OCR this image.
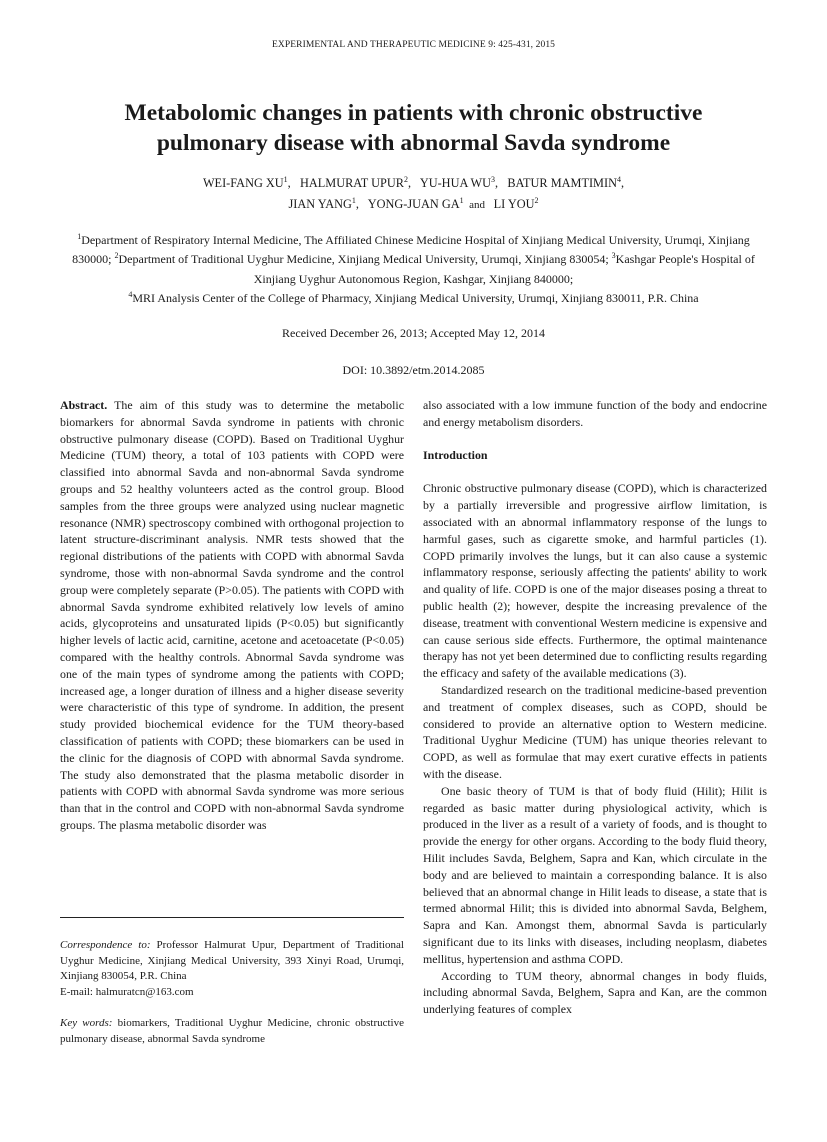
EXPERIMENTAL AND THERAPEUTIC MEDICINE 9: 425-431, 2015
Metabolomic changes in patients with chronic obstructive
pulmonary disease with abnormal Savda syndrome
WEI-FANG $XU^1$,   HALMURAT UPUR$^2$,   YU-HUA $WU^3$,   BATUR MAMTIMIN$^4$,
JIAN YANG$^1$,   YONG-JUAN $GA^1$  and   LI YOU$^2$
$^1$Department of Respiratory Internal Medicine, The Affiliated Chinese Medicine Hospital of Xinjiang Medical University, Urumqi, Xinjiang 830000; $^2$Department of Traditional Uyghur Medicine, Xinjiang Medical University, Urumqi, Xinjiang 830054; $^3$Kashgar People's Hospital of Xinjiang Uyghur Autonomous Region, Kashgar, Xinjiang 840000;
$^4$MRI Analysis Center of the College of Pharmacy, Xinjiang Medical University, Urumqi, Xinjiang 830011, P.R. China
Received December 26, 2013; Accepted May 12, 2014
DOI: 10.3892/etm.2014.2085

Abstract. The aim of this study was to determine the metabolic biomarkers for abnormal Savda syndrome in patients with chronic obstructive pulmonary disease (COPD). Based on Traditional Uyghur Medicine (TUM) theory, a total of 103 patients with COPD were classified into abnormal Savda and non-abnormal Savda syndrome groups and 52 healthy volunteers acted as the control group. Blood samples from the three groups were analyzed using nuclear magnetic resonance (NMR) spectroscopy combined with orthogonal projection to latent structure-discriminant analysis. NMR tests showed that the regional distributions of the patients with COPD with abnormal Savda syndrome, those with non-abnormal Savda syndrome and the control group were completely separate (P>0.05). The patients with COPD with abnormal Savda syndrome exhibited relatively low levels of amino acids, glycoproteins and unsaturated lipids (P<0.05) but significantly higher levels of lactic acid, carnitine, acetone and acetoacetate (P<0.05) compared with the healthy controls. Abnormal Savda syndrome was one of the main types of syndrome among the patients with COPD; increased age, a longer duration of illness and a higher disease severity were characteristic of this type of syndrome. In addition, the present study provided biochemical evidence for the TUM theory-based classification of patients with COPD; these biomarkers can be used in the clinic for the diagnosis of COPD with abnormal Savda syndrome. The study also demonstrated that the plasma metabolic disorder in patients with COPD with abnormal Savda syndrome was more serious than that in the control and COPD with non-abnormal Savda syndrome groups. The plasma metabolic disorder was

Correspondence to: Professor Halmurat Upur, Department of Traditional Uyghur Medicine, Xinjiang Medical University, 393 Xinyi Road, Urumqi, Xinjiang 830054, P.R. China
E-mail: halmuratcn@163.com
Key words: biomarkers, Traditional Uyghur Medicine, chronic obstructive pulmonary disease, abnormal Savda syndrome

also associated with a low immune function of the body and endocrine and energy metabolism disorders.

Introduction

Chronic obstructive pulmonary disease (COPD), which is characterized by a partially irreversible and progressive airflow limitation, is associated with an abnormal inflammatory response of the lungs to harmful gases, such as cigarette smoke, and harmful particles (1). COPD primarily involves the lungs, but it can also cause a systemic inflammatory response, seriously affecting the patients' ability to work and quality of life. COPD is one of the major diseases posing a threat to public health (2); however, despite the increasing prevalence of the disease, treatment with conventional Western medicine is expensive and can cause serious side effects. Furthermore, the optimal maintenance therapy has not yet been determined due to conflicting results regarding the efficacy and safety of the available medications (3).

Standardized research on the traditional medicine-based prevention and treatment of complex diseases, such as COPD, should be considered to provide an alternative option to Western medicine. Traditional Uyghur Medicine (TUM) has unique theories relevant to COPD, as well as formulae that may exert curative effects in patients with the disease.

One basic theory of TUM is that of body fluid (Hilit); Hilit is regarded as basic matter during physiological activity, which is produced in the liver as a result of a variety of foods, and is thought to provide the energy for other organs. According to the body fluid theory, Hilit includes Savda, Belghem, Sapra and Kan, which circulate in the body and are believed to maintain a corresponding balance. It is also believed that an abnormal change in Hilit leads to disease, a state that is termed abnormal Hilit; this is divided into abnormal Savda, Belghem, Sapra and Kan. Amongst them, abnormal Savda is particularly significant due to its links with diseases, including neoplasm, diabetes mellitus, hypertension and asthma COPD.

According to TUM theory, abnormal changes in body fluids, including abnormal Savda, Belghem, Sapra and Kan, are the common underlying features of complex
